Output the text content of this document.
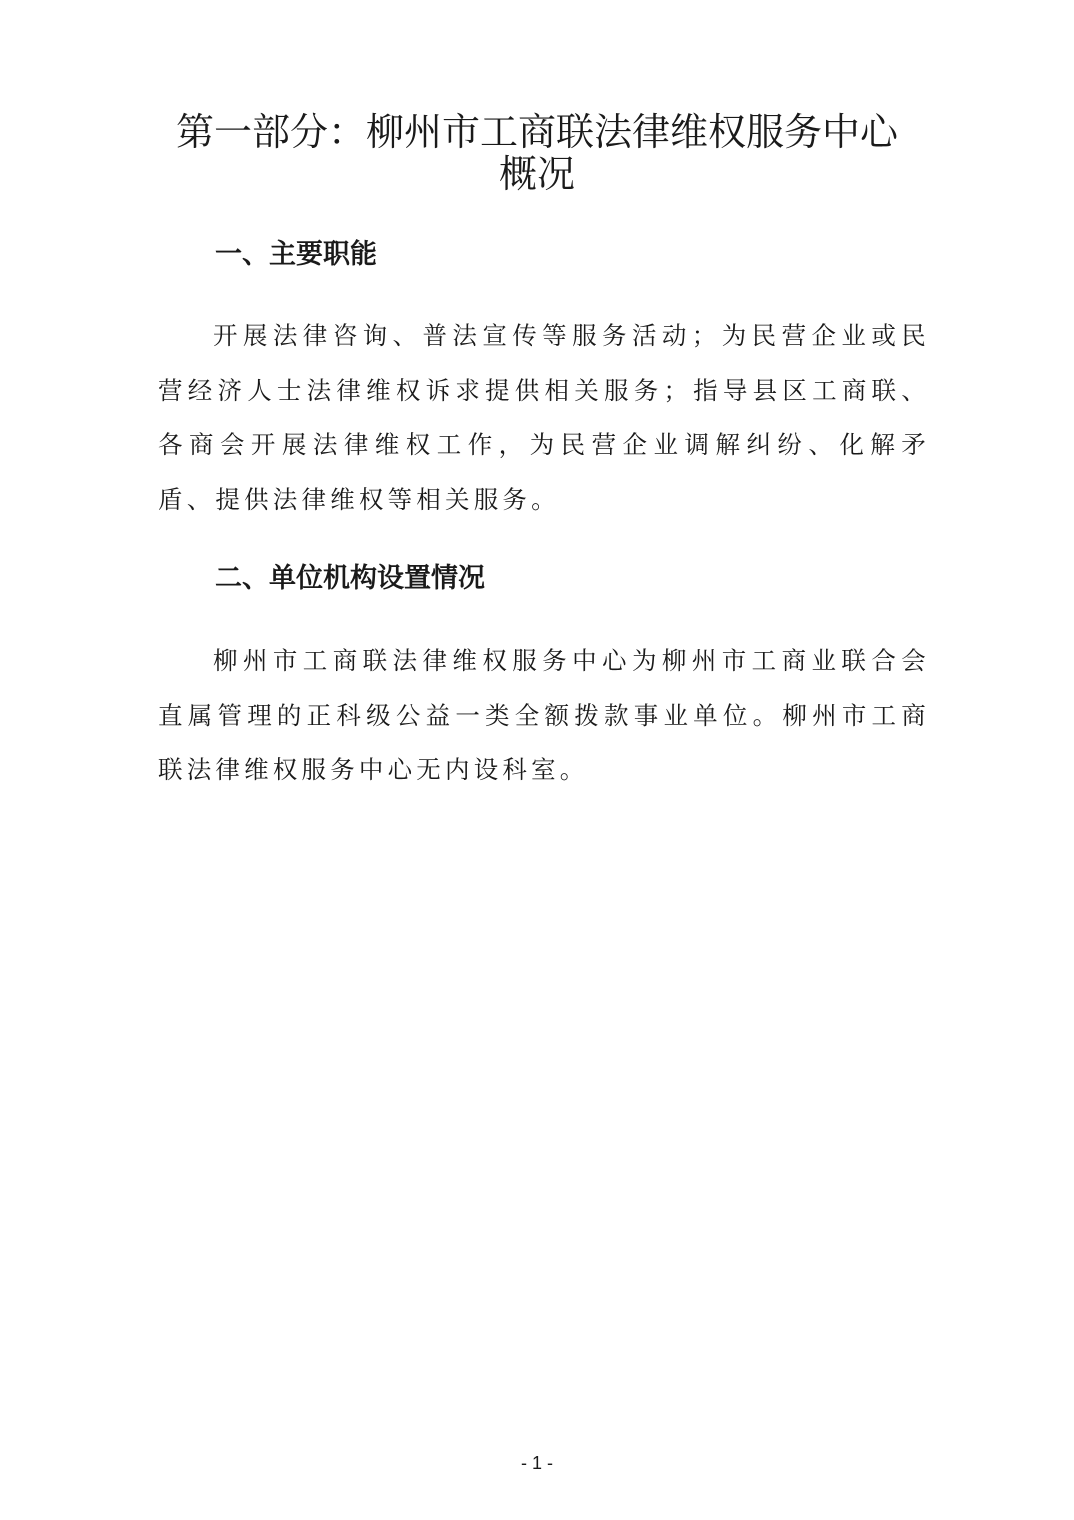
第一部分：柳州市工商联法律维权服务中心
概况
一、主要职能

开展法律咨询、普法宣传等服务活动；为民营企业或民营经济人士法律维权诉求提供相关服务；指导县区工商联、各商会开展法律维权工作，为民营企业调解纠纷、化解矛盾、提供法律维权等相关服务。

二、单位机构设置情况

柳州市工商联法律维权服务中心为柳州市工商业联合会直属管理的正科级公益一类全额拨款事业单位。柳州市工商联法律维权服务中心无内设科室。

- 1 -
